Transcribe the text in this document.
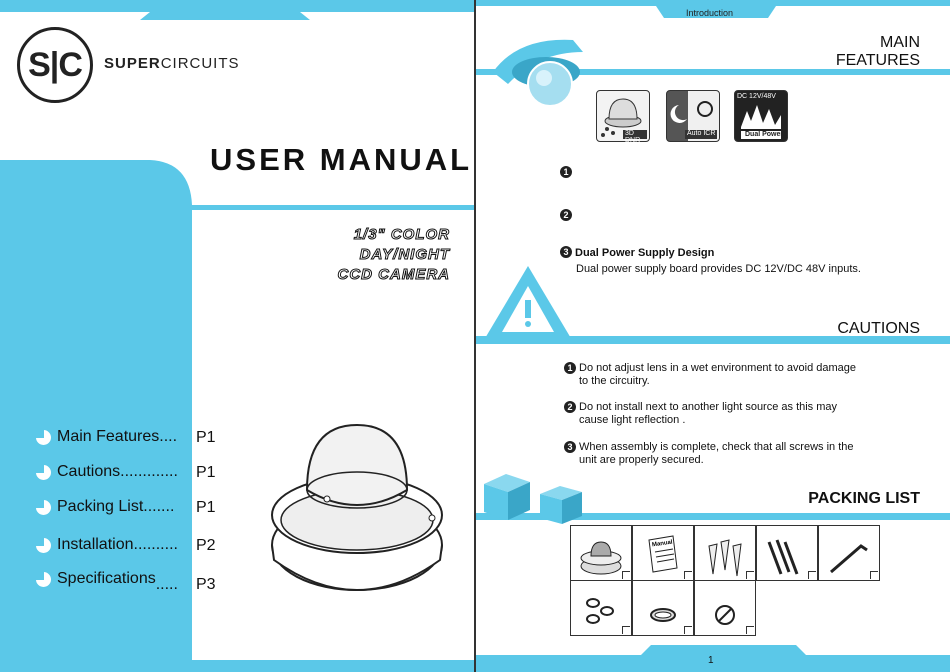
S|C SUPERCIRCUITS
USER MANUAL
1/3" COLOR
DAY/NIGHT
CCD CAMERA
Main Features .... P1
Cautions ............. P1
Packing List ....... P1
Installation .......... P2
Specifications ..... P3
Introduction
MAIN
FEATURES
3D DNR
Auto ICR
DC 12V/48V
Dual Power
1
2
3 Dual Power Supply Design
Dual power supply board provides DC 12V/DC 48V inputs.
CAUTIONS
1 Do not adjust lens in a wet environment to avoid damage
to the circuitry.
2 Do not install next to another light source as this may
cause light reflection .
3 When assembly is complete, check that all screws in the
unit are properly secured.
PACKING LIST
Manual
1
